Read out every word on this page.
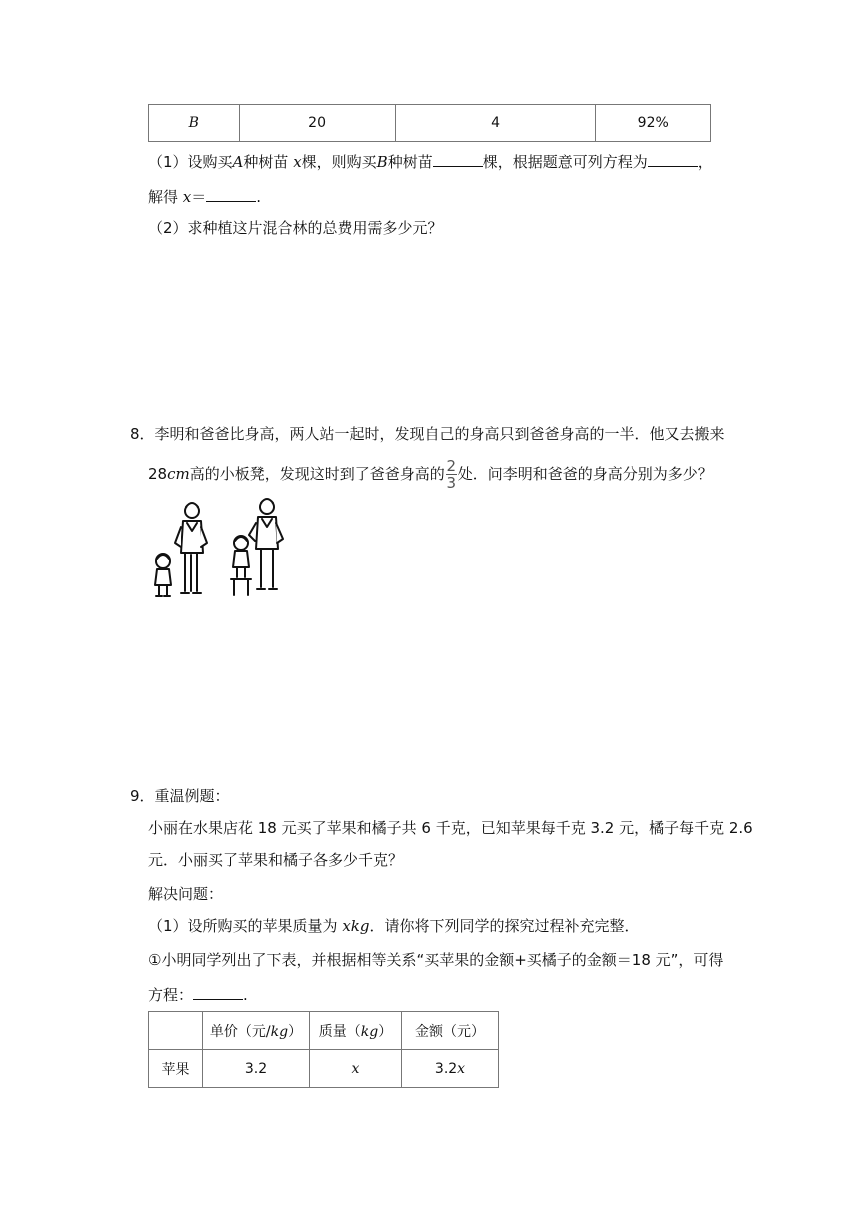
B	20	4	92%
（1）设购买A种树苗 x棵，则购买B种树苗	棵，根据题意可列方程为	，
解得 x＝	.
（2）求种植这片混合林的总费用需多少元？
8．李明和爸爸比身高，两人站一起时，发现自己的身高只到爸爸身高的一半．他又去搬来
28cm高的小板凳，发现这时到了爸爸身高的 $\frac{2}{3}$ 处．问李明和爸爸的身高分别为多少？
9．重温例题：
小丽在水果店花 18 元买了苹果和橘子共 6 千克，已知苹果每千克 3.2 元，橘子每千克 2.6
元．小丽买了苹果和橘子各多少千克？
解决问题：
（1）设所购买的苹果质量为 xkg．请你将下列同学的探究过程补充完整．
①小明同学列出了下表，并根据相等关系“买苹果的金额+买橘子的金额＝18 元”，可得
方程：	.
	单价（元/kg）	质量（kg）	金额（元）
苹果	3.2	x	3.2x
